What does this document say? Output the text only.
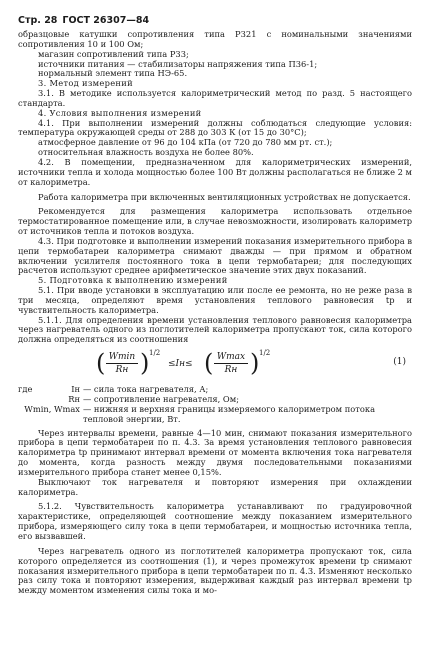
Стр. 28 ГОСТ 26307—84

образцовые катушки сопротивления типа Р321 с номинальными значениями сопротивления 10 и 100 Ом;

магазин сопротивлений типа Р33;

источники питания — стабилизаторы напряжения типа П36-1;

нормальный элемент типа НЭ-65.

3. Метод измерений

3.1. В методике используется калориметрический метод по разд. 5 настоящего стандарта.

4. Условия выполнения измерений

4.1. При выполнении измерений должны соблюдаться следующие условия: температура окружающей среды от 288 до 303 К (от 15 до 30°С);

атмосферное давление от 96 до 104 кПа (от 720 до 780 мм рт. ст.);

относительная влажность воздуха не более 80%.

4.2. В помещении, предназначенном для калориметрических измерений, источники тепла и холода мощностью более 100 Вт должны располагаться не ближе 2 м от калориметра.

Работа калориметра при включенных вентиляционных устройствах не допускается.

Рекомендуется для размещения калориметра использовать отдельное термостатированное помещение или, в случае невозможности, изолировать калориметр от источников тепла и потоков воздуха.

4.3. При подготовке и выполнении измерений показания измерительного прибора в цепи термобатареи калориметра снимают дважды — при прямом и обратном включении усилителя постоянного тока в цепи термобатареи; для последующих расчетов используют среднее арифметическое значение этих двух показаний.

5. Подготовка к выполнению измерений

5.1. При вводе установки в эксплуатацию или после ее ремонта, но не реже раза в три месяца, определяют время установления теплового равновесия tр и чувствительность калориметра.

5.1.1. Для определения времени установления теплового равновесия калориметра через нагреватель одного из поглотителей калориметра пропускают ток, сила которого должна определяться из соотношения

( Wmin
Rн ) 1/2
≤Iн≤ ( Wmax
Rн ) 1/2
(1)
где	Iн — сила тока нагревателя, А;
Rн — сопротивление нагревателя, Ом;
Wmin, Wmax — нижняя и верхняя границы измеряемого калориметром потока тепловой энергии, Вт.

Через интервалы времени, равные 4—10 мин, снимают показания измерительного прибора в цепи термобатареи по п. 4.3. За время установления теплового равновесия калориметра tр принимают интервал времени от момента включения тока нагревателя до момента, когда разность между двумя последовательными показаниями измерительного прибора станет менее 0,15%.

Выключают ток нагревателя и повторяют измерения при охлаждении калориметра.

5.1.2. Чувствительность калориметра устанавливают по градуировочной характеристике, определяющей соотношение между показанием измерительного прибора, измеряющего силу тока в цепи термобатареи, и мощностью источника тепла, его вызвавшей.

Через нагреватель одного из поглотителей калориметра пропускают ток, сила которого определяется из соотношения (1), и через промежуток времени tр снимают показания измерительного прибора в цепи термобатареи по п. 4.3. Изменяют несколько раз силу тока и повторяют измерения, выдерживая каждый раз интервал времени tр между моментом изменения силы тока и мо-
